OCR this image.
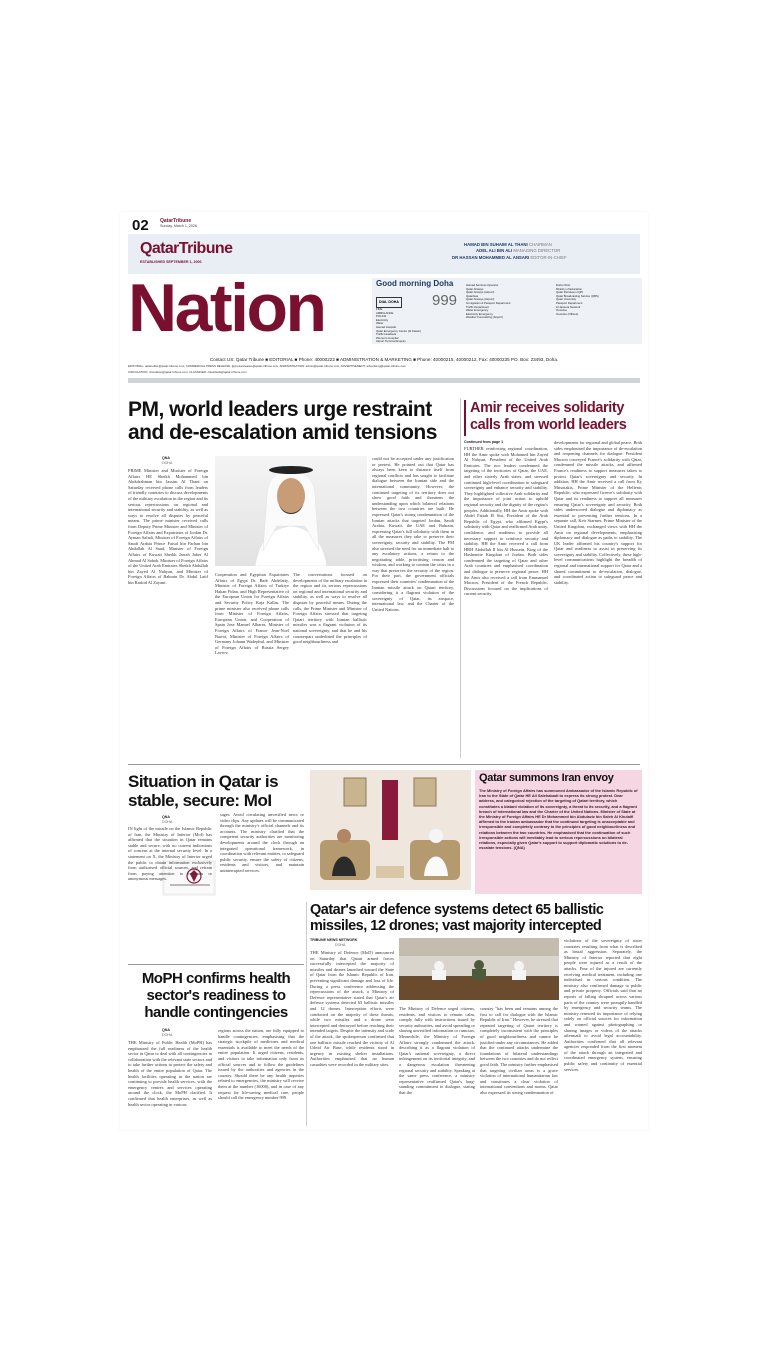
02 QatarTribune
Sunday, March 1, 2026
QatarTribune
ESTABLISHED SEPTEMBER 1, 2006
HAMAD BIN SUHAIM AL THANI CHAIRMAN
ADEL ALI BIN ALI MANAGING DIRECTOR
DR HASSAN MOHAMMED AL ANSARI EDITOR-IN-CHIEF
Nation	Good morning Doha
DIAL DOHA 999
FIRE
AMBULANCE
POLICE
Electricity
Water
Hamad Hospital
Qatar Emergency Centre (Al Kawar)
Traffic Headsets
Women's Hospital
Airport Terminal Enquiry
Hamad Services Operator
Qatar Airways
Qatar Airways (Airport)
QatarGas
Qatar Airways (Airport)
Immigration & Passport Department
Traffic Department
Water Emergency
Electricity Emergency
Weather Forecasting (Airport)
Doha Clinic
Ministry of Education
Qatar Petroleum (QP)
Qatar Broadcasting Service (QBS)
Qatar University
Passport Department
Al Jazeera Network
Ooredoo
Ooredoo (Offices)
Contact US: Qatar Tribune ■ EDITORIAL ■ Phone: 40000222 ■ ADMINISTRATION & MARKETING ■ Phone: 40000215, 40000212, Fax: 40000235 PO. Box: 23493, Doha.
EDITORIAL: qatareditor@qatar-tribune.com, COMMERCIAL PRESS RELEASE: @pressreleases@qatar-tribune.com, ADMINISTRATION: admin@qatar-tribune.com, ADVERTISEMENT: advertising@qatar-tribune.com
CIRCULATION: circulation@qatar-tribune.com, CLASSIFIED: classifieds@qatar-tribune.com
PM, world leaders urge restraint
and de-escalation amid tensions
QNA
DOHA
PRIME Minister and Minister of Foreign Affairs HE Sheikh Mohammed bin Abdulrahman bin Jassim Al Thani on Saturday received phone calls from leaders of friendly countries to discuss developments of the military escalation in the region and its serious repercussions on regional and international security and stability, as well as ways to resolve all disputes by peaceful means. The prime minister received calls from Deputy Prime Minister and Minister of Foreign Affairs and Expatriates of Jordan Dr. Ayman Safadi, Minister of Foreign Affairs of Saudi Arabia Prince Faisal bin Farhan bin Abdullah Al Saud, Minister of Foreign Affairs of Kuwait Sheikh Jarrah Jaber Al Ahmad Al Sabah, Minister of Foreign Affairs of the United Arab Emirates Sheikh Abdullah bin Zayed Al Nahyan, and Minister of Foreign Affairs of Bahrain Dr. Abdul Latif bin Rashid Al Zayani.
Cooperation and Egyptian Expatriates Affairs of Egypt Dr. Badr Abdelatty, Minister of Foreign Affairs of Turkiye Hakan Fidan, and High Representative of the European Union for Foreign Affairs and Security Policy Kaja Kallas. The prime minister also received phone calls from Minister of Foreign Affairs, European Union, and Cooperation of Spain Jose Manuel Albares, Minister of Foreign Affairs of France Jean-Noel Barrot, Minister of Foreign Affairs of Germany Johann Wadephul, and Minister of Foreign Affairs of Russia Sergey Lavrov.
The conversations focused on developments of the military escalation in the region and its serious repercussions on regional and international security and stability, as well as ways to resolve all disputes by peaceful means. During the calls, the Prime Minister and Minister of Foreign Affairs stressed that targeting Qatari territory with Iranian ballistic missiles was a flagrant violation of its national sovereignty, and that he and his counterpart underlined the principles of good neighbourliness and
could not be accepted under any justification or pretext. He pointed out that Qatar has always been keen to distance itself from regional conflicts and has sought to facilitate dialogue between the Iranian side and the international community. However, the continued targeting of its territory does not show good faith and threatens the understanding upon which bilateral relations between the two countries are built. He expressed Qatar's strong condemnation of the Iranian attacks that targeted Jordan, Saudi Arabia, Kuwait, the UAE and Bahrain, expressing Qatar's full solidarity with them in all the measures they take to preserve their sovereignty, security and stability. The PM also stressed the need for an immediate halt to any escalatory actions, a return to the negotiating table, prioritising reason and wisdom, and working to contain the crisis in a way that preserves the security of the region. For their part, the government officials expressed their countries' condemnation of the Iranian missile attack on Qatari territory, considering it a flagrant violation of the sovereignty of Qatar, its airspace, international law, and the Charter of the United Nations.
Amir receives solidarity
calls from world leaders
Continued from page 1
FURTHER reinforcing regional coordination, HH the Amir spoke with Mohamed bin Zayed Al Nahyan, President of the United Arab Emirates. The two leaders condemned the targeting of the territories of Qatar, the UAE, and other sisterly Arab states, and stressed continued high-level coordination to safeguard sovereignty and enhance security and stability. They highlighted collective Arab solidarity and the importance of joint action to uphold regional security and the dignity of the region's peoples. Additionally, HH the Amir spoke with Abdel Fattah El Sisi, President of the Arab Republic of Egypt, who affirmed Egypt's solidarity with Qatar and reaffirmed Arab unity, confidence, and readiness to provide all necessary support to reinforce security and stability. HH the Amir received a call from HRH Abdullah II bin Al Hussein, King of the Hashemite Kingdom of Jordan. Both sides condemned the targeting of Qatar and other Arab countries and emphasised coordination and dialogue to preserve regional peace. HH the Amir also received a call from Emmanuel Macron, President of the French Republic. Discussions focused on the implications of current security
developments for regional and global peace. Both sides emphasised the importance of de-escalation and reopening channels for dialogue. President Macron conveyed France's solidarity with Qatar, condemned the missile attacks, and affirmed France's readiness to support measures taken to protect Qatar's sovereignty and security. In addition, HH the Amir received a call from Ky Mitsotakis, Prime Minister of the Hellenic Republic, who expressed Greece's solidarity with Qatar and its readiness to support all measures ensuring Qatar's sovereignty and security. Both sides underscored dialogue and diplomacy as essential to preventing further tensions. In a separate call, Keir Starmer, Prime Minister of the United Kingdom, exchanged views with HH the Amir on regional developments, emphasising diplomacy and dialogue as paths to stability. The UK leader affirmed his country's support for Qatar and readiness to assist in preserving its sovereignty and stability. Collectively, these high-level communications highlight the breadth of regional and international support for Qatar and a shared commitment to de-escalation, dialogue, and coordinated action to safeguard peace and stability.
Situation in Qatar is
stable, secure: MoI
QNA
DOHA
IN light of the missile on the Islamic Republic of Iran, the Ministry of Interior (MoI) has affirmed that the situation in Qatar remains stable and secure, with no current indications of concern at the internal security level. In a statement on X, the Ministry of Interior urged the public to obtain information exclusively from authorised official sources, and refrain from paying attention to rumours or anonymous messages.
sages. Avoid circulating unverified news or video clips. Any updates will be communicated through the ministry's official channels and its accounts. The ministry clarified that the competent security authorities are monitoring developments around the clock through an integrated operational framework, in coordination with relevant entities, to safeguard public security, ensure the safety of citizens, residents and visitors, and maintain uninterrupted services.
Qatar summons Iran envoy
The Ministry of Foreign Affairs has summoned Ambassador of the Islamic Republic of Iran to the State of Qatar HE Ali Salehabadi to express its strong protest. Dear address, and categorical rejection of the targeting of Qatari territory, which constitutes a blatant violation of its sovereignty, a threat to its security, and a flagrant breach of international law and the Charter of the United Nations. Minister of State at the Ministry of Foreign Affairs HE Dr Mohammed bin Abdulaziz bin Saleh Al Khulaifi affirmed to the Iranian ambassador that the continued targeting is unacceptable and irresponsible and completely contrary to the principles of good neighbourliness and relations between the two countries. He emphasised that the continuation of such irresponsible actions will inevitably lead to serious repercussions on bilateral relations, especially given Qatar's support to support diplomatic solutions to de-escalate tensions. (QNA)
Qatar's air defence systems detect 65 ballistic
missiles, 12 drones; vast majority intercepted
TRIBUNE NEWS NETWORK
DOHA
THE Ministry of Defence (MoD) announced on Saturday that Qatari armed forces successfully intercepted the majority of missiles and drones launched toward the State of Qatar from the Islamic Republic of Iran, preventing significant damage and loss of life. During a press conference addressing the repercussions of the attack, a Ministry of Defence representative stated that Qatar's air defence systems detected 65 ballistic missiles and 12 drones. Interception efforts were conducted on the majority of these threats, while two missiles and a drone were intercepted and destroyed before reaching their intended targets. Despite the intensity and scale of the attack, the spokesperson confirmed that one ballistic missile reached the vicinity of Al Udeid Air Base, while residents stood in urgency in existing shelter installations. Authorities emphasised that no human casualties were recorded in the military sites.
The Ministry of Defence urged citizens, residents, and visitors to remain calm, comply fully with instructions issued by security authorities, and avoid spreading or sharing unverified information or rumours. Meanwhile, the Ministry of Foreign Affairs strongly condemned the attack, describing it as a flagrant violation of Qatar's national sovereignty, a direct infringement on its territorial integrity, and a dangerous escalation threatening regional security and stability. Speaking at the same press conference, a ministry representative reaffirmed Qatar's long-standing commitment to dialogue, stating that the
country "has been and remains among the first to call for dialogue with the Islamic Republic of Iran." However, he stressed that repeated targeting of Qatari territory is completely inconsistent with the principles of good neighbourliness and cannot be justified under any circumstances. He added that the continued attacks undermine the foundations of bilateral understandings between the two countries and do not reflect good faith. The ministry further emphasised that targeting civilian areas is a grave violation of international humanitarian law and constitutes a clear violation of international conventions and norms. Qatar also expressed its strong condemnation of
violations of the sovereignty of sister countries resulting from what is described as brutal aggression. Separately, the Ministry of Interior reported that eight people were injured as a result of the attacks. Four of the injured are currently receiving medical treatment, including one individual in serious condition. The ministry also confirmed damage to public and private property. Officials said that no reports of falling shrapnel across various parts of the country were promptly handled by emergency and security teams. The ministry renewed its importance of relying solely on official sources for information and warned against photographing or sharing images or videos of the attacks aftermath to avoid legal accountability. Authorities confirmed that all relevant agencies responded from the first moment of the attack through an integrated and coordinated emergency system, ensuring public safety and continuity of essential services.
MoPH confirms health
sector's readiness to
handle contingencies
QNA
DOHA
THE Ministry of Public Health (MoPH) has emphasised the full readiness of the health sector in Qatar to deal with all contingencies in collaboration with the relevant state sectors and to take further actions to protect the safety and health of the entire population of Qatar. The health facilities operating in the nation are continuing to provide health services, with the emergency centres and services operating around the clock, the MoPH clarified. It confirmed that health enterprises, as well as health sector operating in various
regions across the nation, are fully equipped to handle contingencies, emphasising that the strategic stockpile of medicines and medical essentials is available to meet the needs of the entire population. It urged citizens, residents, and visitors to take information only from its official sources and to follow the guidelines issued by the authorities and agencies in the country. Should there be any health inquiries related to emergencies, the ministry will receive them at the number (16000), and in case of any request for life-saving medical care, people should call the emergency number 999.
